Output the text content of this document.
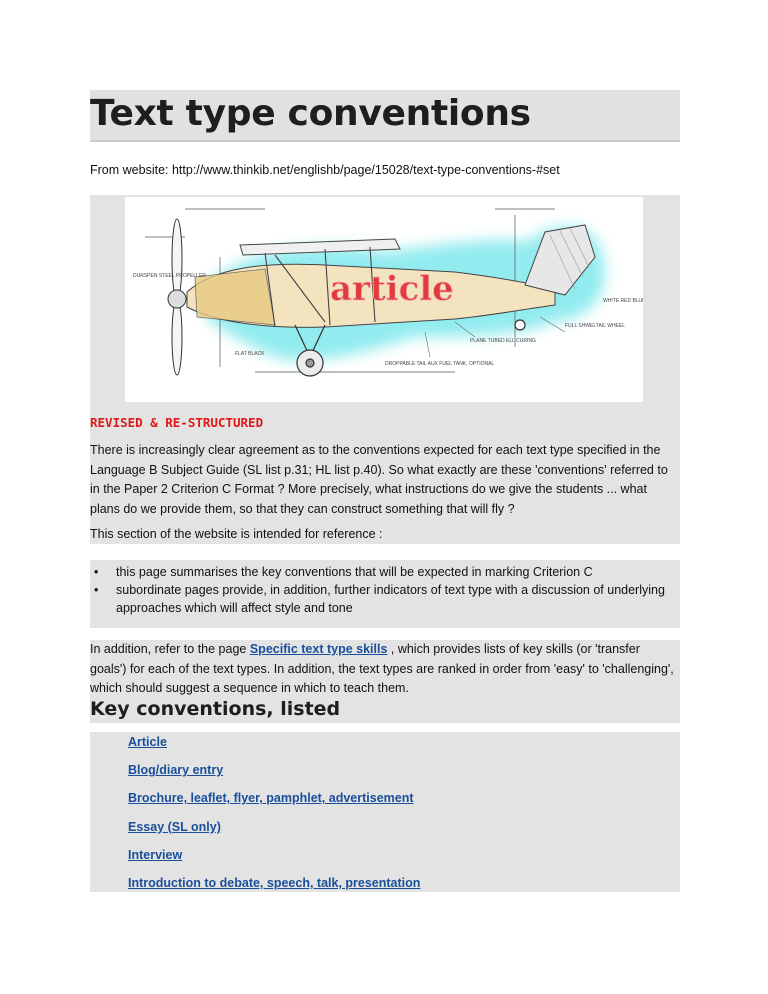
Text type conventions
From website: http://www.thinkib.net/englishb/page/15028/text-type-conventions-#set
PLANE TUBED ELL CURING
FULL SHWELTAIL WHEEL
DROPPABLE TAIL AUX FUEL TANK, OPTIONAL
FLAT BLACK
DURSPEN STEEL PROPELLER
WHITE RED BLUE
article
REVISED & RE-STRUCTURED

There is increasingly clear agreement as to the conventions expected for each text type specified in the Language B Subject Guide (SL list p.31; HL list p.40). So what exactly are these 'conventions' referred to in the Paper 2 Criterion C Format ? More precisely, what instructions do we give the students ... what plans do we provide them, so that they can construct something that will fly ?

This section of the website is intended for reference :

• this page summarises the key conventions that will be expected in marking Criterion C
• subordinate pages provide, in addition, further indicators of text type with a discussion of underlying approaches which will affect style and tone

In addition, refer to the page Specific text type skills , which provides lists of key skills (or 'transfer goals') for each of the text types. In addition, the text types are ranked in order from 'easy' to 'challenging', which should suggest a sequence in which to teach them.

Key conventions, listed
Article
Blog/diary entry
Brochure, leaflet, flyer, pamphlet, advertisement
Essay (SL only)
Interview
Introduction to debate, speech, talk, presentation
